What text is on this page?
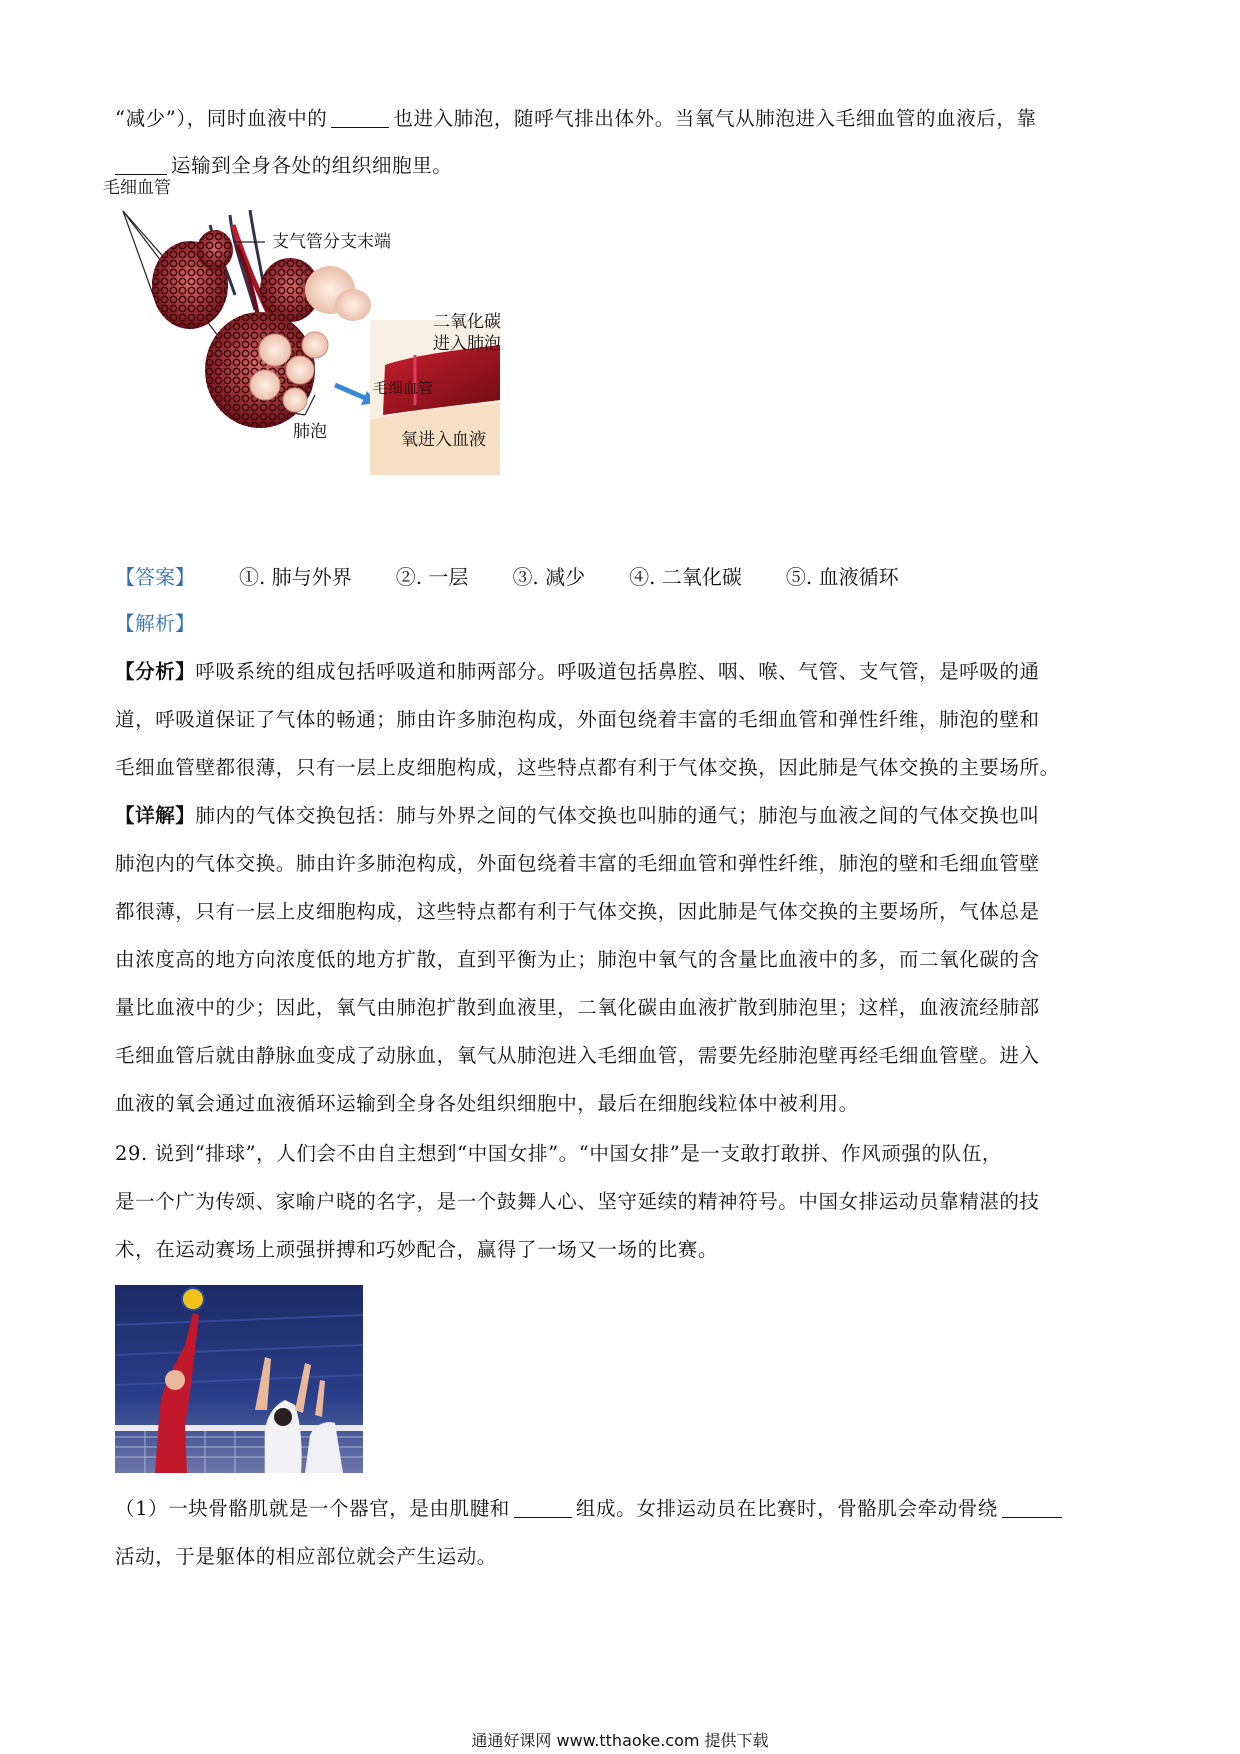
“减少”），同时血液中的	也进入肺泡，随呼气排出体外。当氧气从肺泡进入毛细血管的血液后，靠

运输到全身各处的组织细胞里。

毛细血管
支气管分支末端
肺泡
二氧化碳
进入肺泡
毛细血管
氧进入血液
【答案】 ①. 肺与外界 ②. 一层 ③. 减少 ④. 二氧化碳 ⑤. 血液循环

【解析】

【分析】呼吸系统的组成包括呼吸道和肺两部分。呼吸道包括鼻腔、咽、喉、气管、支气管，是呼吸的通

道，呼吸道保证了气体的畅通；肺由许多肺泡构成，外面包绕着丰富的毛细血管和弹性纤维，肺泡的壁和

毛细血管壁都很薄，只有一层上皮细胞构成，这些特点都有利于气体交换，因此肺是气体交换的主要场所。

【详解】肺内的气体交换包括：肺与外界之间的气体交换也叫肺的通气；肺泡与血液之间的气体交换也叫

肺泡内的气体交换。肺由许多肺泡构成，外面包绕着丰富的毛细血管和弹性纤维，肺泡的壁和毛细血管壁

都很薄，只有一层上皮细胞构成，这些特点都有利于气体交换，因此肺是气体交换的主要场所，气体总是

由浓度高的地方向浓度低的地方扩散，直到平衡为止；肺泡中氧气的含量比血液中的多，而二氧化碳的含

量比血液中的少；因此，氧气由肺泡扩散到血液里，二氧化碳由血液扩散到肺泡里；这样，血液流经肺部

毛细血管后就由静脉血变成了动脉血，氧气从肺泡进入毛细血管，需要先经肺泡壁再经毛细血管壁。进入

血液的氧会通过血液循环运输到全身各处组织细胞中，最后在细胞线粒体中被利用。

29. 说到“排球”，人们会不由自主想到“中国女排”。“中国女排”是一支敢打敢拼、作风顽强的队伍，

是一个广为传颂、家喻户晓的名字，是一个鼓舞人心、坚守延续的精神符号。中国女排运动员靠精湛的技

术，在运动赛场上顽强拼搏和巧妙配合，赢得了一场又一场的比赛。

（1）一块骨骼肌就是一个器官，是由肌腱和	组成。女排运动员在比赛时，骨骼肌会牵动骨绕

活动，于是躯体的相应部位就会产生运动。

通通好课网 www.tthaoke.com 提供下载
